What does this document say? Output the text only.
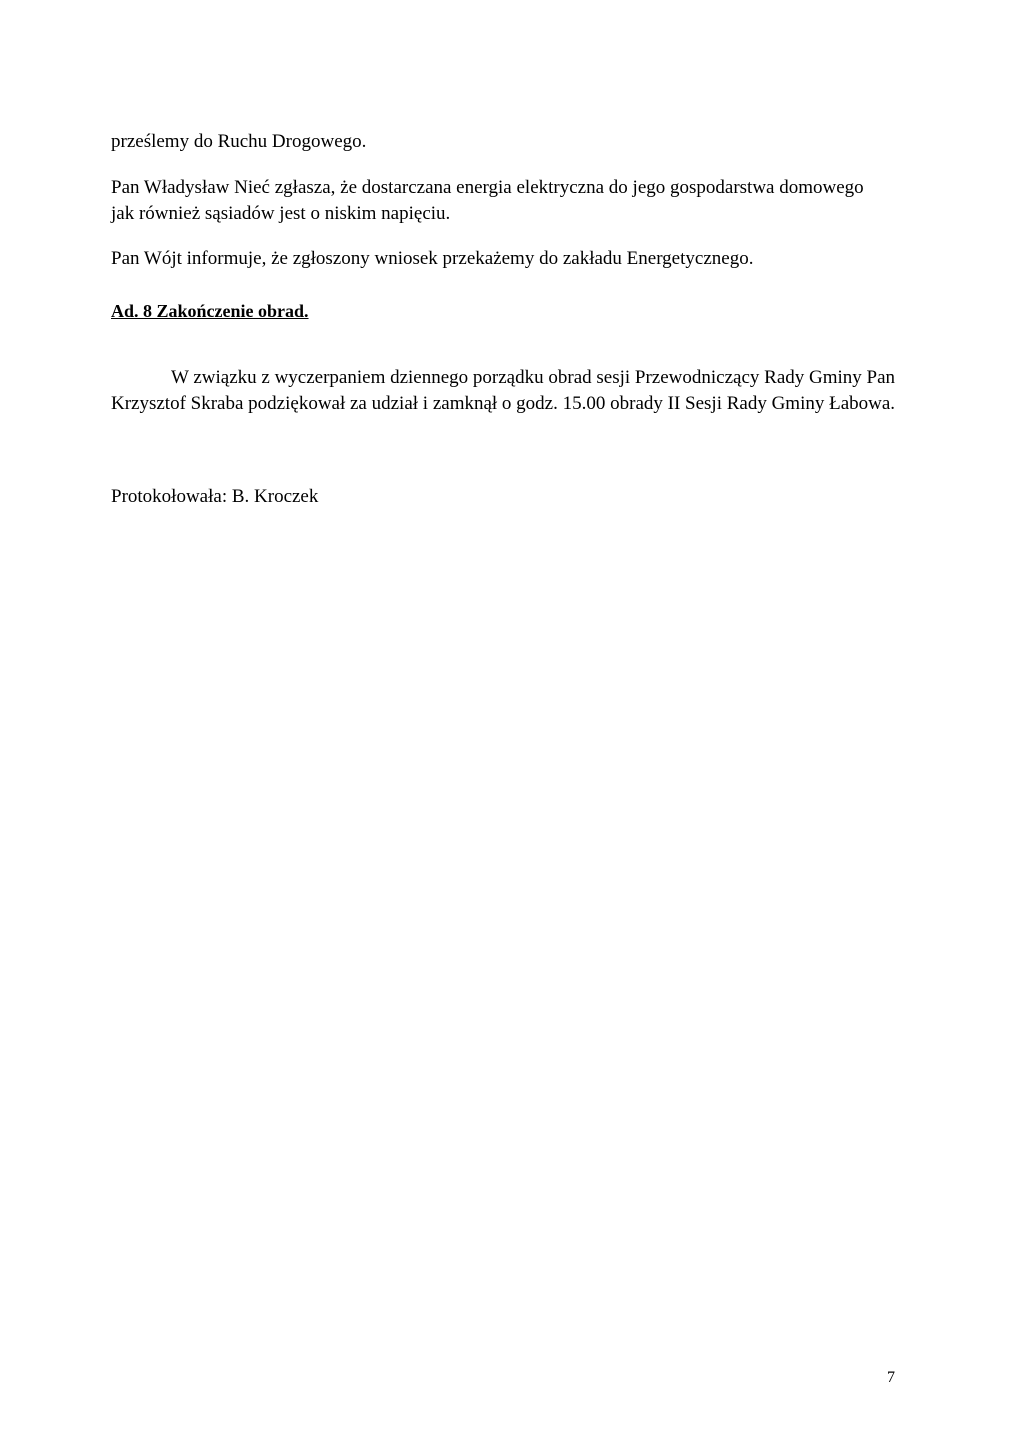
prześlemy do Ruchu Drogowego.

Pan Władysław Nieć zgłasza, że dostarczana energia elektryczna do jego gospodarstwa domowego jak również sąsiadów jest o niskim napięciu.

Pan Wójt informuje, że zgłoszony wniosek przekażemy do zakładu Energetycznego.

Ad. 8 Zakończenie obrad.

W związku z wyczerpaniem dziennego porządku obrad sesji Przewodniczący Rady Gminy Pan Krzysztof Skraba podziękował za udział i zamknął o godz. 15.00 obrady II Sesji Rady Gminy Łabowa.

Protokołowała: B. Kroczek

7
